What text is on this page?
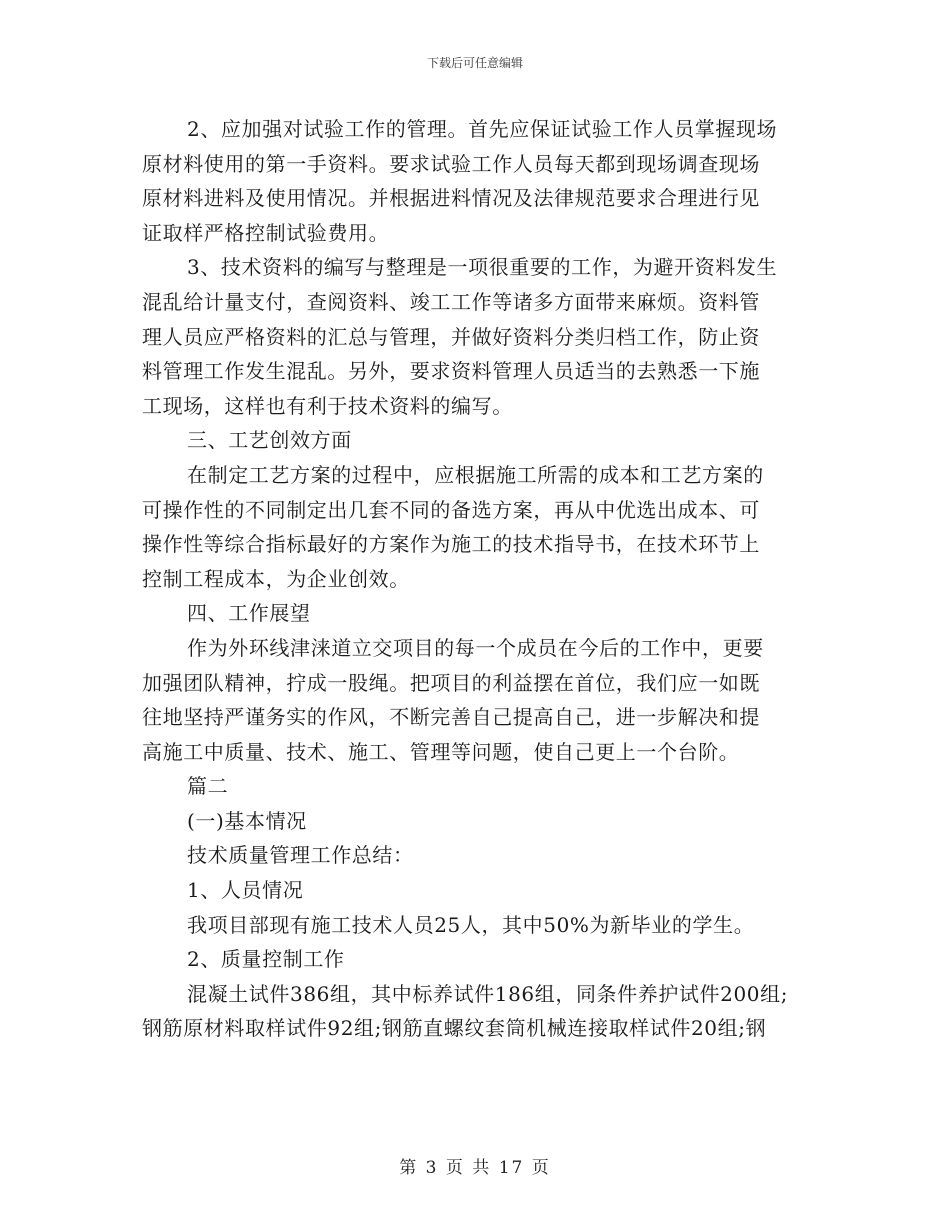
下载后可任意编辑
2、应加强对试验工作的管理。首先应保证试验工作人员掌握现场
原材料使用的第一手资料。要求试验工作人员每天都到现场调查现场
原材料进料及使用情况。并根据进料情况及法律规范要求合理进行见
证取样严格控制试验费用。
3、技术资料的编写与整理是一项很重要的工作，为避开资料发生
混乱给计量支付，查阅资料、竣工工作等诸多方面带来麻烦。资料管
理人员应严格资料的汇总与管理，并做好资料分类归档工作，防止资
料管理工作发生混乱。另外，要求资料管理人员适当的去熟悉一下施
工现场，这样也有利于技术资料的编写。
三、工艺创效方面
在制定工艺方案的过程中，应根据施工所需的成本和工艺方案的
可操作性的不同制定出几套不同的备选方案，再从中优选出成本、可
操作性等综合指标最好的方案作为施工的技术指导书，在技术环节上
控制工程成本，为企业创效。
四、工作展望
作为外环线津涞道立交项目的每一个成员在今后的工作中，更要
加强团队精神，拧成一股绳。把项目的利益摆在首位，我们应一如既
往地坚持严谨务实的作风，不断完善自己提高自己，进一步解决和提
高施工中质量、技术、施工、管理等问题，使自己更上一个台阶。
篇二
(一)基本情况
技术质量管理工作总结：
1、人员情况
我项目部现有施工技术人员25人，其中50%为新毕业的学生。
2、质量控制工作
混凝土试件386组，其中标养试件186组，同条件养护试件200组;
钢筋原材料取样试件92组;钢筋直螺纹套筒机械连接取样试件20组;钢
第 3 页 共 17 页
